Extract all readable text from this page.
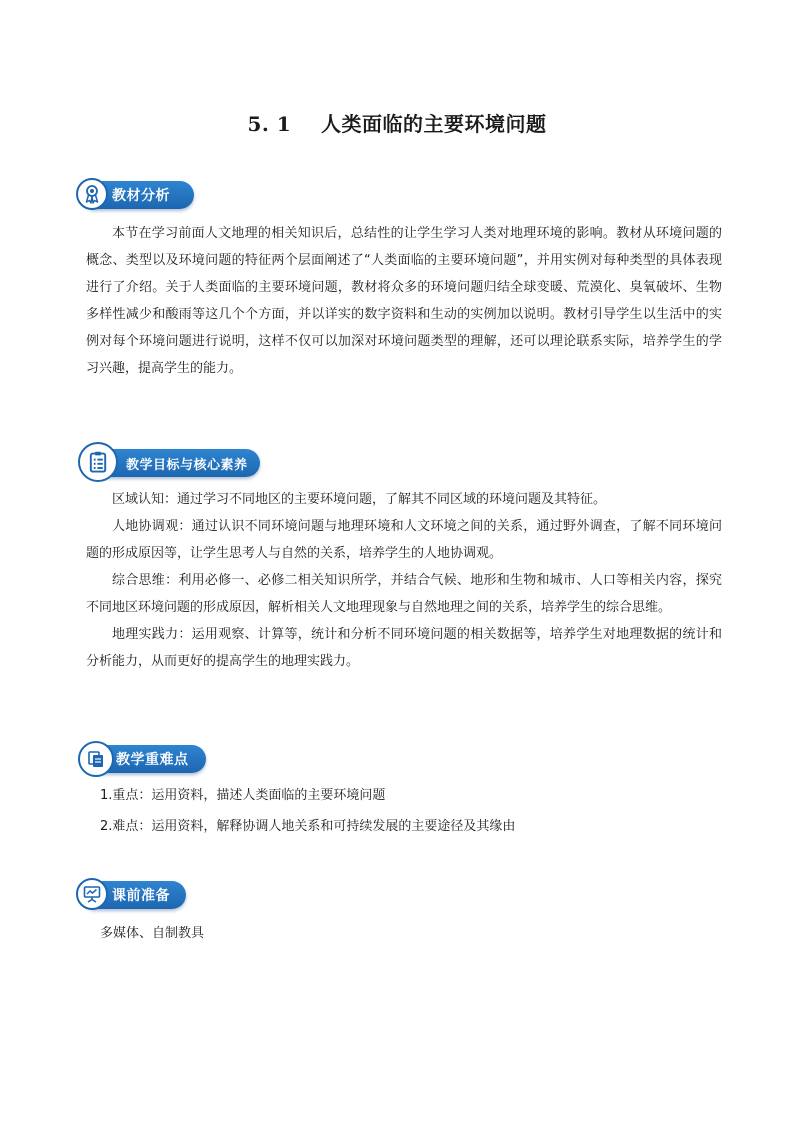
5. 1    人类面临的主要环境问题
教材分析

本节在学习前面人文地理的相关知识后，总结性的让学生学习人类对地理环境的影响。教材从环境问题的概念、类型以及环境问题的特征两个层面阐述了“人类面临的主要环境问题”，并用实例对每种类型的具体表现进行了介绍。关于人类面临的主要环境问题，教材将众多的环境问题归结全球变暖、荒漠化、臭氧破坏、生物多样性减少和酸雨等这几个个方面，并以详实的数字资料和生动的实例加以说明。教材引导学生以生活中的实例对每个环境问题进行说明，这样不仅可以加深对环境问题类型的理解，还可以理论联系实际，培养学生的学习兴趣，提高学生的能力。

教学目标与核心素养

区域认知：通过学习不同地区的主要环境问题，了解其不同区域的环境问题及其特征。

人地协调观：通过认识不同环境问题与地理环境和人文环境之间的关系，通过野外调查，了解不同环境问题的形成原因等，让学生思考人与自然的关系，培养学生的人地协调观。

综合思维：利用必修一、必修二相关知识所学，并结合气候、地形和生物和城市、人口等相关内容，探究不同地区环境问题的形成原因，解析相关人文地理现象与自然地理之间的关系，培养学生的综合思维。

地理实践力：运用观察、计算等，统计和分析不同环境问题的相关数据等，培养学生对地理数据的统计和分析能力，从而更好的提高学生的地理实践力。

教学重难点

1.重点：运用资料，描述人类面临的主要环境问题

2.难点：运用资料，解释协调人地关系和可持续发展的主要途径及其缘由

课前准备

多媒体、自制教具
